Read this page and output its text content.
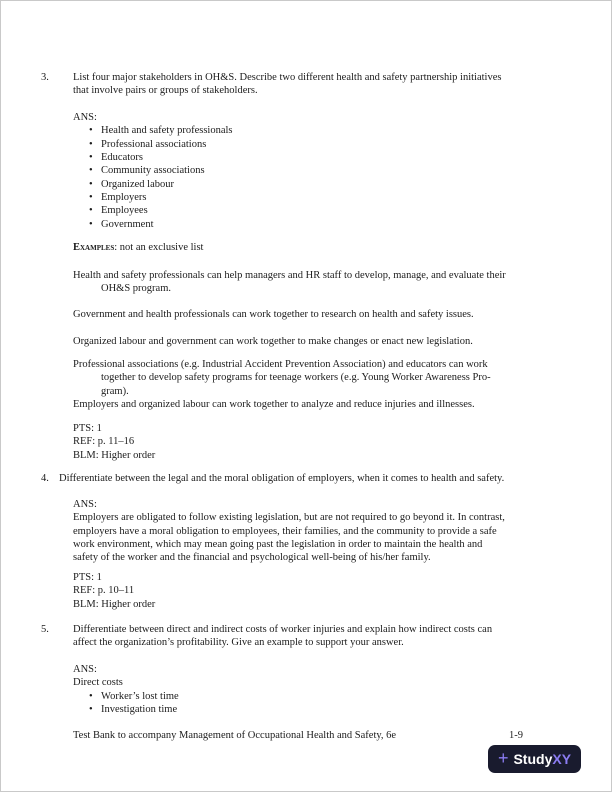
3.	List four major stakeholders in OH&S. Describe two different health and safety partnership initiatives
that involve pairs or groups of stakeholders.
ANS:
• Health and safety professionals
• Professional associations
• Educators
• Community associations
• Organized labour
• Employers
• Employees
• Government
Examples: not an exclusive list
Health and safety professionals can help managers and HR staff to develop, manage, and evaluate their
OH&S program.
Government and health professionals can work together to research on health and safety issues.
Organized labour and government can work together to make changes or enact new legislation.
Professional associations (e.g. Industrial Accident Prevention Association) and educators can work
together to develop safety programs for teenage workers (e.g. Young Worker Awareness Pro-
gram).
Employers and organized labour can work together to analyze and reduce injuries and illnesses.
PTS: 1
REF: p. 11–16
BLM: Higher order
4. Differentiate between the legal and the moral obligation of employers, when it comes to health and safety.
ANS:
Employers are obligated to follow existing legislation, but are not required to go beyond it. In contrast,
employers have a moral obligation to employees, their families, and the community to provide a safe
work environment, which may mean going past the legislation in order to maintain the health and
safety of the worker and the financial and psychological well-being of his/her family.
PTS: 1
REF: p. 10–11
BLM: Higher order
5.	Differentiate between direct and indirect costs of worker injuries and explain how indirect costs can
affect the organization’s profitability. Give an example to support your answer.
ANS:
Direct costs
• Worker’s lost time
• Investigation time
Test Bank to accompany Management of Occupational Health and Safety, 6e	1-9
+ Study XY
